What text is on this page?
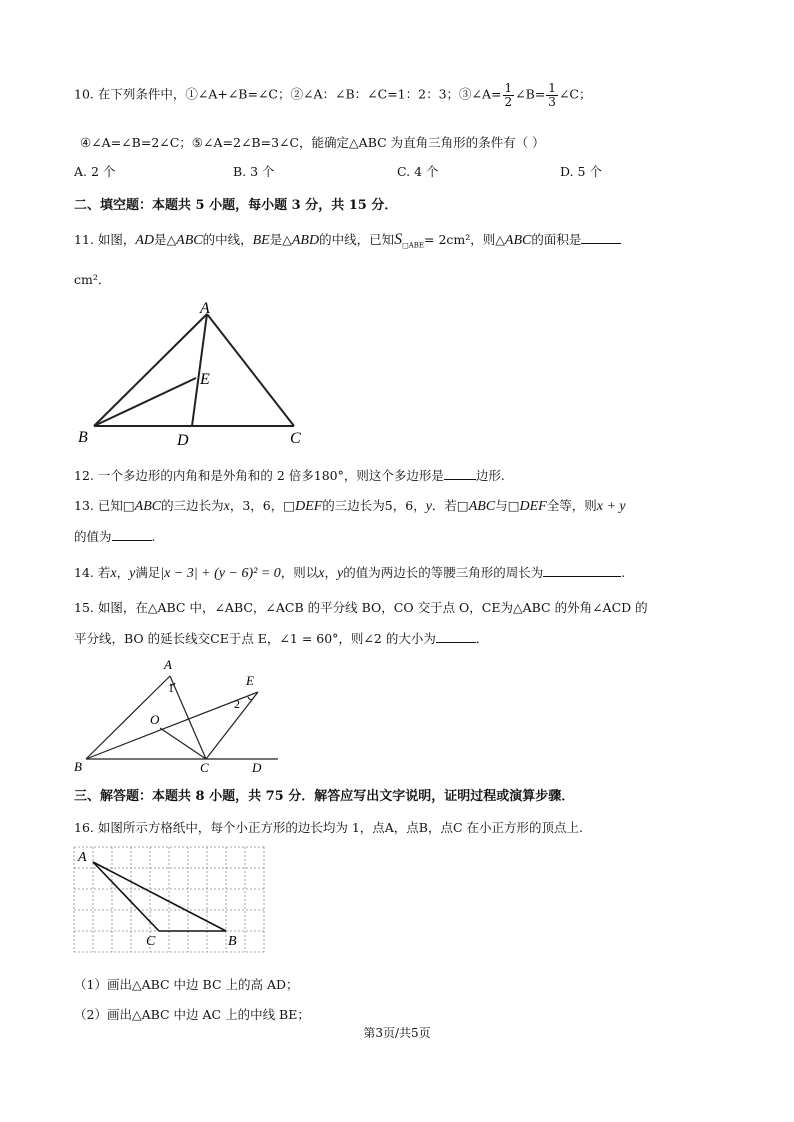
10. 在下列条件中，①∠A+∠B=∠C；②∠A：∠B：∠C=1：2：3；③∠A= $\frac{1}{2}$ ∠B= $\frac{1}{3}$ ∠C；
④∠A=∠B=2∠C；⑤∠A=2∠B=3∠C，能确定△ABC 为直角三角形的条件有（ ）
A. 2 个	B. 3 个	C. 4 个	D. 5 个
二、填空题：本题共 5 小题，每小题 3 分，共 15 分．
11. 如图，AD是△ABC的中线，BE是△ABD的中线，已知$S_{□ABE}= 2cm^2$，则△ABC的面积是
cm²．
A
B	C
D
E
12. 一个多边形的内角和是外角和的 2 倍多180°，则这个多边形是	边形.
13. 已知□ABC的三边长为x，3，6，□DEF的三边长为5，6，y．若□ABC与□DEF全等，则x + y
的值为	.
14. 若x，y满足|x − 3| + (y − 6)² = 0，则以x，y的值为两边长的等腰三角形的周长为	.
15. 如图，在△ABC 中，∠ABC，∠ACB 的平分线 BO，CO 交于点 O，CE为△ABC 的外角∠ACD 的
平分线，BO 的延长线交CE于点 E，∠1 = 60°，则∠2 的大小为	．
A
B	C	D
E
O
1
2
三、解答题：本题共 8 小题，共 75 分．解答应写出文字说明，证明过程或演算步骤．
16. 如图所示方格纸中，每个小正方形的边长均为 1，点A，点B，点C 在小正方形的顶点上.
A
C	B
（1）画出△ABC 中边 BC 上的高 AD；
（2）画出△ABC 中边 AC 上的中线 BE；
第3页/共5页
